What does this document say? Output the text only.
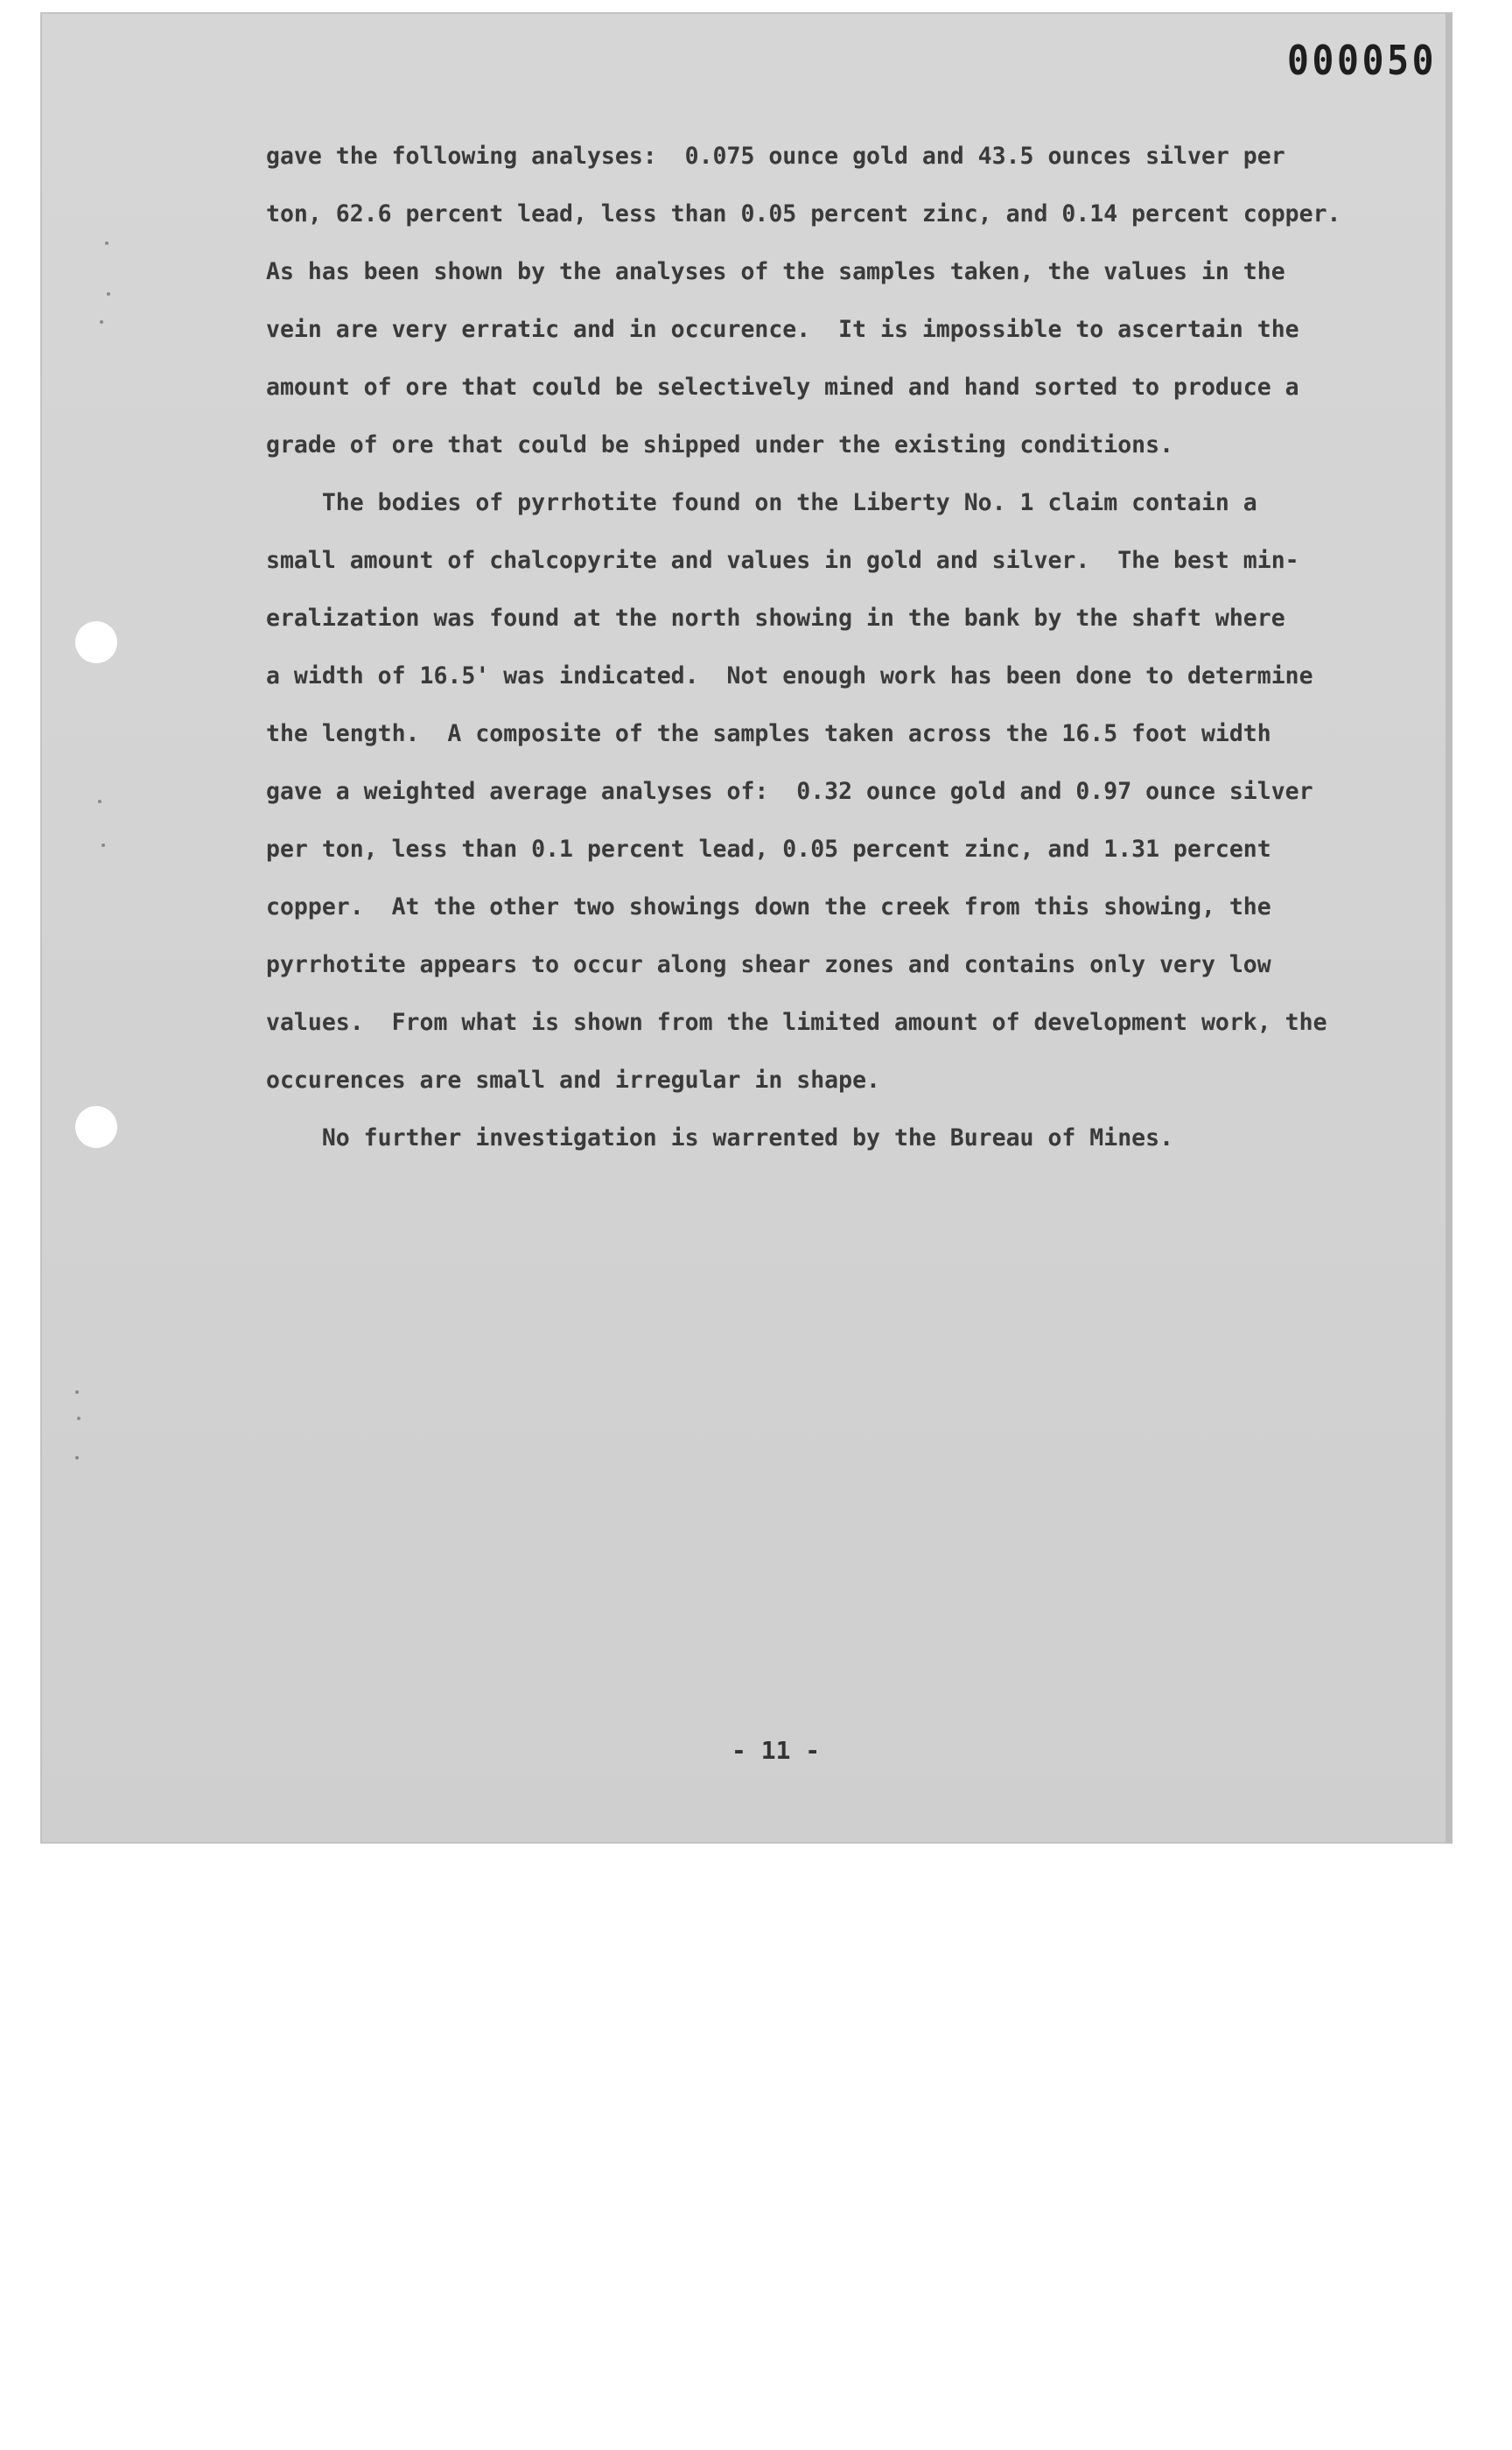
000050
gave the following analyses:  0.075 ounce gold and 43.5 ounces silver per
ton, 62.6 percent lead, less than 0.05 percent zinc, and 0.14 percent copper.
As has been shown by the analyses of the samples taken, the values in the
vein are very erratic and in occurence.  It is impossible to ascertain the
amount of ore that could be selectively mined and hand sorted to produce a
grade of ore that could be shipped under the existing conditions.
The bodies of pyrrhotite found on the Liberty No. 1 claim contain a
small amount of chalcopyrite and values in gold and silver.  The best min-
eralization was found at the north showing in the bank by the shaft where
a width of 16.5' was indicated.  Not enough work has been done to determine
the length.  A composite of the samples taken across the 16.5 foot width
gave a weighted average analyses of:  0.32 ounce gold and 0.97 ounce silver
per ton, less than 0.1 percent lead, 0.05 percent zinc, and 1.31 percent
copper.  At the other two showings down the creek from this showing, the
pyrrhotite appears to occur along shear zones and contains only very low
values.  From what is shown from the limited amount of development work, the
occurences are small and irregular in shape.
No further investigation is warrented by the Bureau of Mines.
- 11 -
